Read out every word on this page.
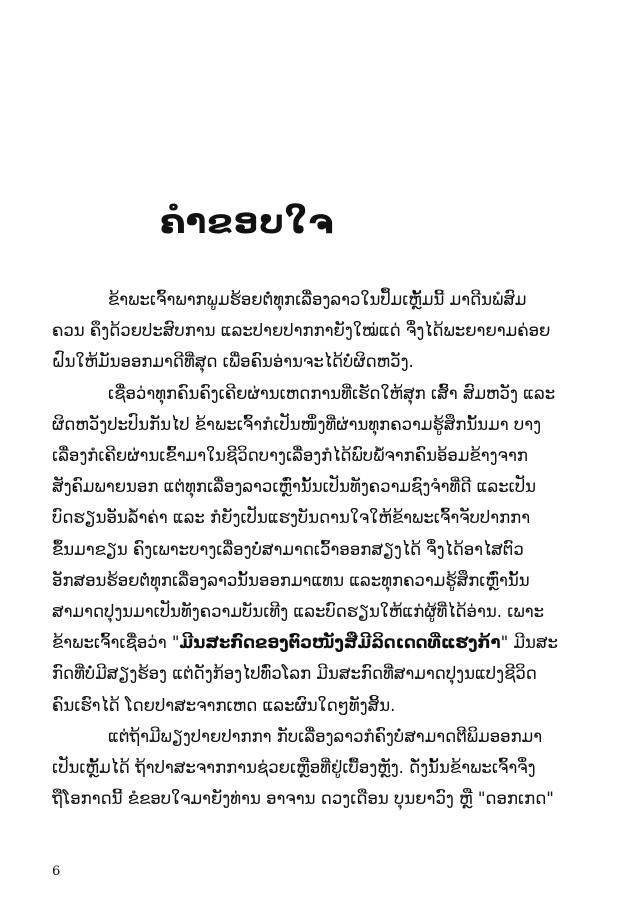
ຄຳຂອບໃຈ
ຂ້າພະເຈົ້າພາກພູມຮ້ອຍຕໍ່ທຸກເລື່ອງລາວໃນປຶ້ມເຫຼັ້ມນີ້ ມາດີນພໍສົມ
ຄວນ ຄຶງດ້ວຍປະສົບການ ແລະປາຍປາກກາຍັງໃໝ່ແດ່ ຈຶ່ງໄດ້ພະຍາຍາມຄ່ອຍ
ຝົນໃຫ້ມັນອອກມາດີທີ່ສຸດ ເພື່ອຄົນອ່ານຈະໄດ້ບໍ່ຜິດຫວັງ.
ເຊື່ອວ່າທຸກຄົນຄົງເຄີຍຜ່ານເຫດການທີ່ເຮັດໃຫ້ສຸກ ເສົ້າ ສົມຫວັງ ແລະ
ຜິດຫວັງປະປົນກັນໄປ ຂ້າພະເຈົ້າກໍເປັນໜຶ່ງທີ່ຜ່ານທຸກຄວາມຮູ້ສຶກນັ້ນມາ ບາງ
ເລື່ອງກໍເຄີຍຜ່ານເຂົ້າມາໃນຊີວິດບາງເລື່ອງກໍໄດ້ພົບພໍ້ຈາກຄົນອ້ອມຂ້າງຈາກ
ສັງຄົມພາຍນອກ ແຕ່ທຸກເລື່ອງລາວເຫຼົ່ານັ້ນເປັນທັງຄວາມຊົງຈຳທີ່ດີ ແລະເປັນ
ບົດຮຽນອັນລ້ຳຄ່າ ແລະ ກໍຍັງເປັນແຮງບັນດານໃຈໃຫ້ຂ້າພະເຈົ້າຈັບປາກກາ
ຂຶ້ນມາຂຽນ ຄົງເພາະບາງເລື່ອງບໍ່ສາມາດເວົ້າອອກສຽງໄດ້ ຈຶ່ງໄດ້ອາໄສຕົວ
ອັກສອນຮ້ອຍຕໍ່ທຸກເລື່ອງລາວນັ້ນອອກມາແທນ ແລະທຸກຄວາມຮູ້ສຶກເຫຼົ່ານັ້ນ
ສາມາດປຸງນມາເປັນທັງຄວາມບັນເທີງ ແລະບົດຮຽນໃຫ້ແກ່ຜູ້ທີ່ໄດ້ອ່ານ. ເພາະ
ຂ້າພະເຈົ້າເຊື່ອວ່າ "ມີນສະກົດຂອງຕົວໜັງສືມີລິດເດດທີ່ແຮງກ້າ" ມີນສະ
ກົດທີ່ບໍ່ມີສຽງຮ້ອງ ແຕ່ດັງກ້ອງໄປທົ່ວໂລກ ມີນສະກົດທີ່ສາມາດປຸງນແປງຊີວິດ
ຄົນເຮົາໄດ້ ໂດຍປາສະຈາກເຫດ ແລະຜົນໃດໆທັງສິ້ນ.
ແຕ່ຖ້າມີພຽງປາຍປາກກາ ກັບເລື່ອງລາວກໍຄົງບໍ່ສາມາດຕີພິມອອກມາ
ເປັນເຫຼັ້ມໄດ້ ຖ້າປາສະຈາກການຊ່ວຍເຫຼືອທີ່ຢູ່ເບື້ອງຫຼັງ. ດັ່ງນັ້ນຂ້າພະເຈົ້າຈຶ່ງ
ຖືໂອກາດນີ້ ຂໍຂອບໃຈມາຍັງທ່ານ ອາຈານ ດວງເດືອນ ບຸນຍາວົງ ຫຼື "ດອກເກດ"
6
